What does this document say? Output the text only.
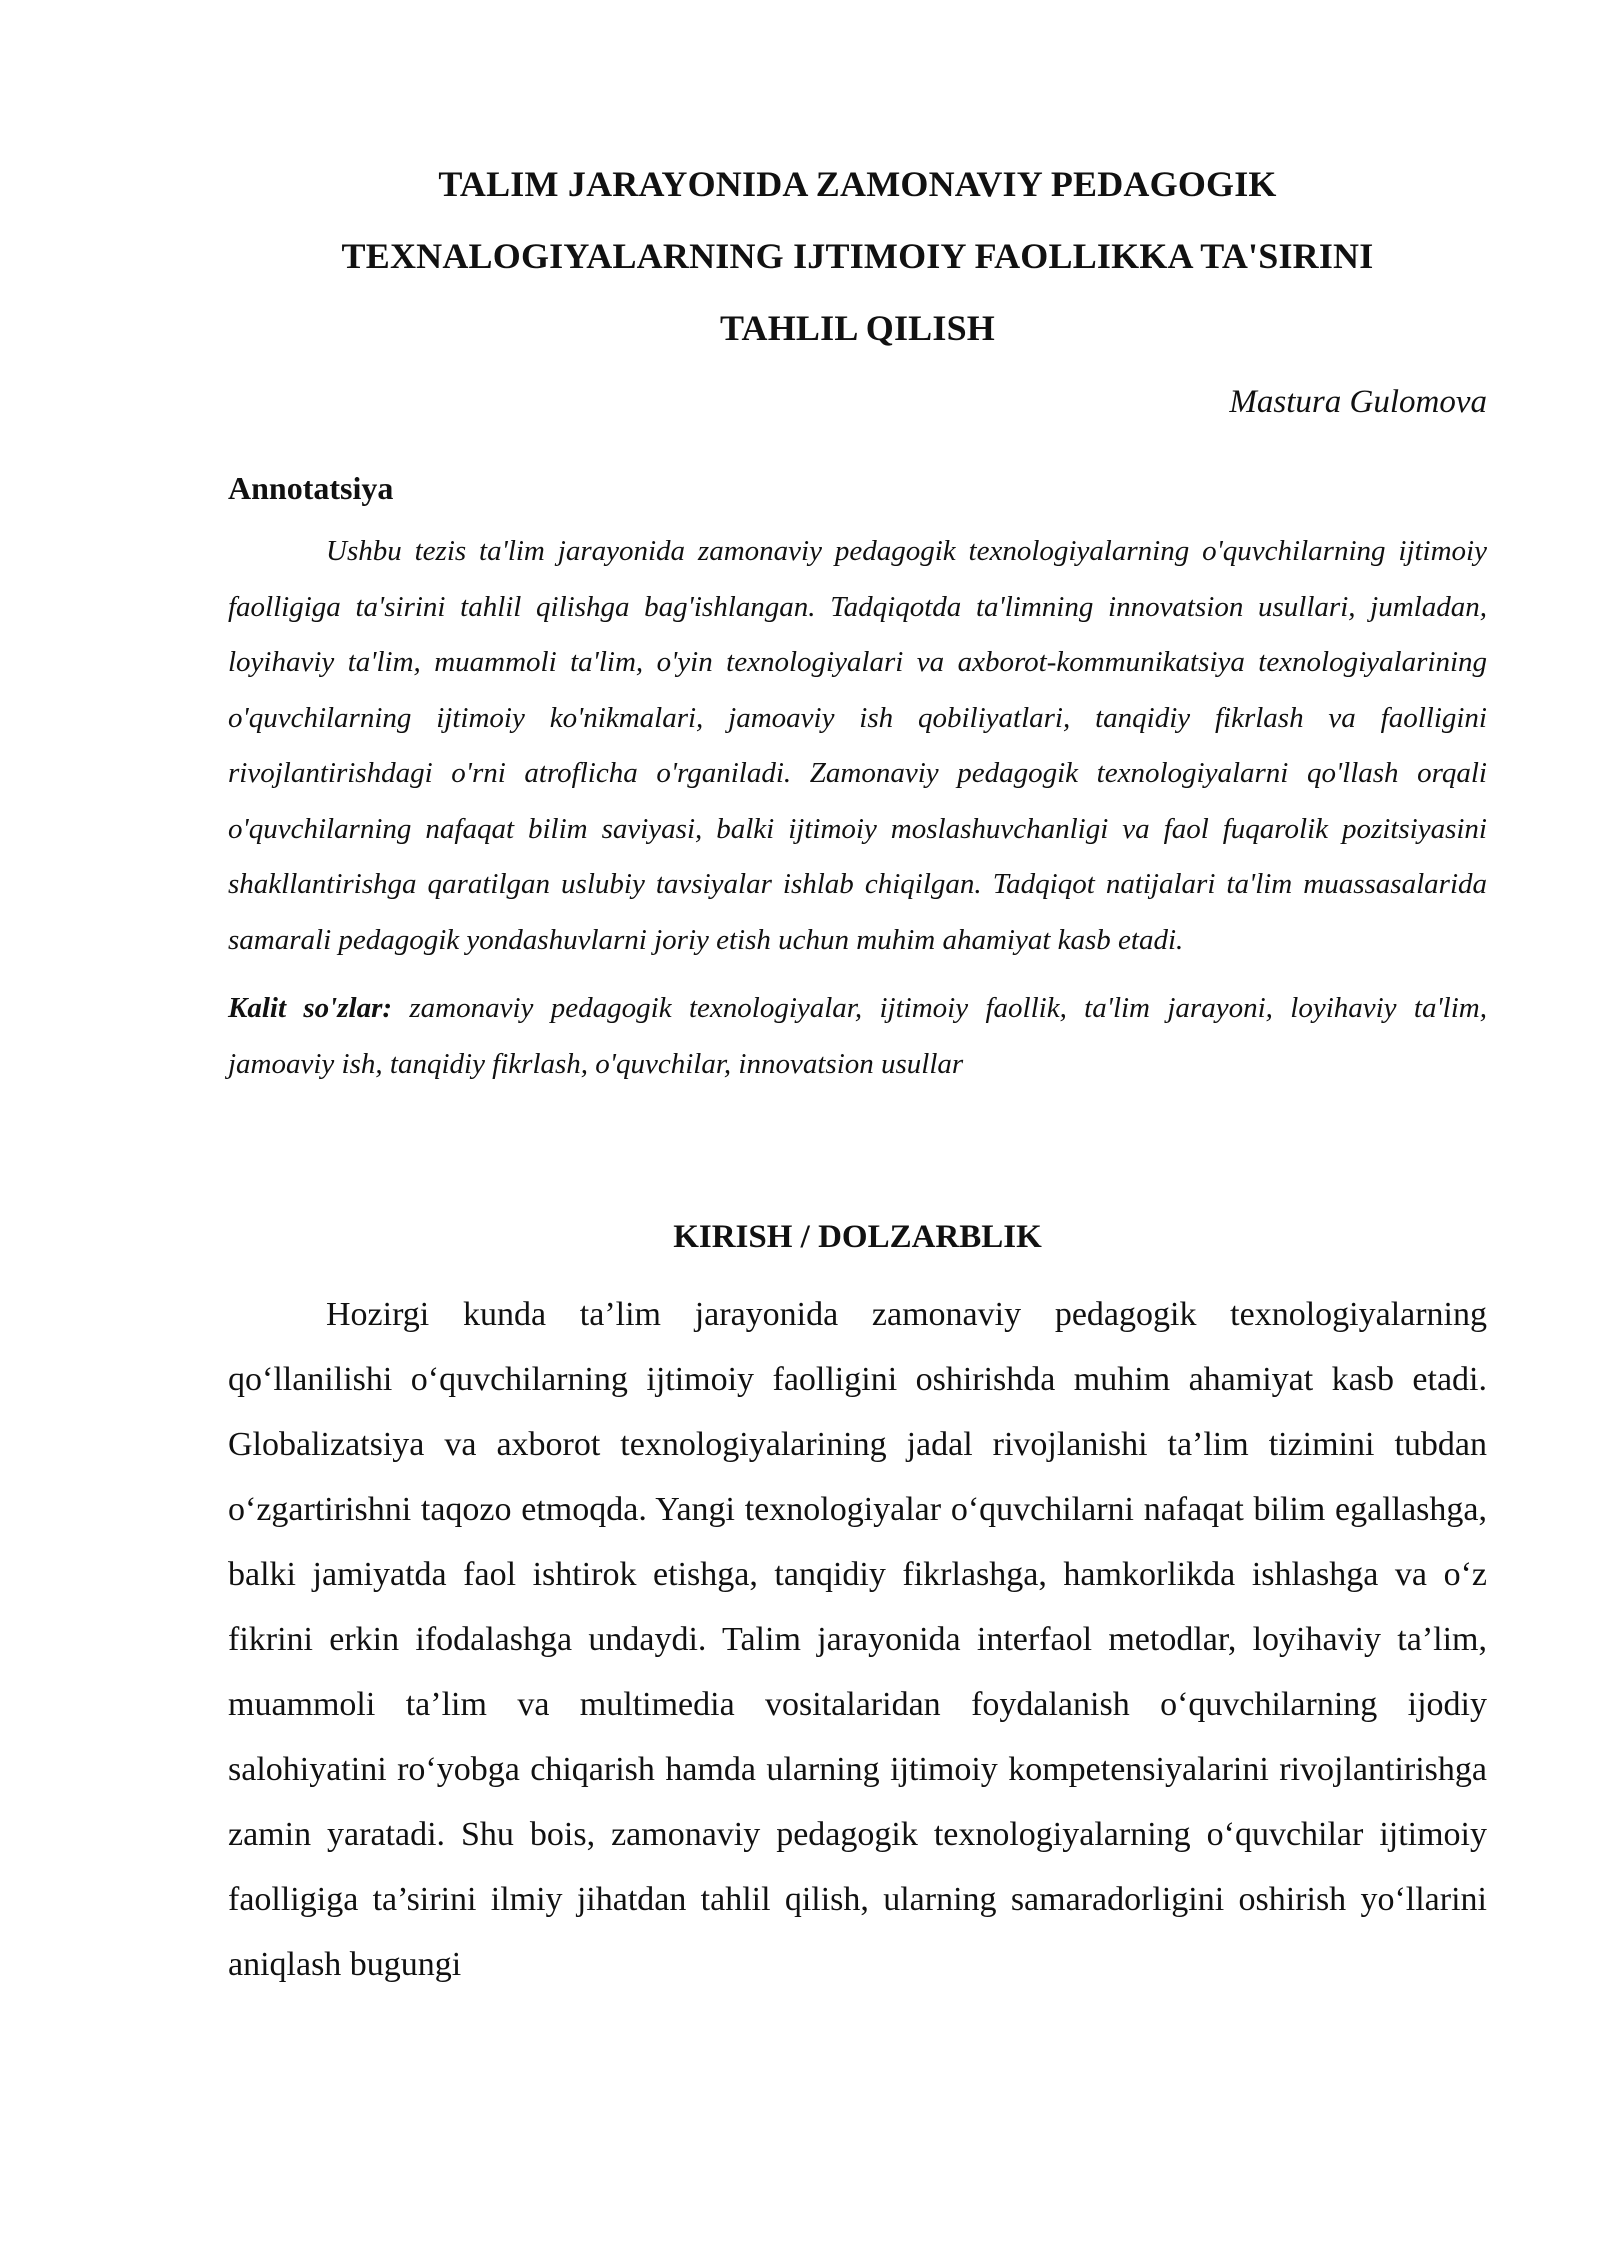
TALIM JARAYONIDA ZAMONAVIY PEDAGOGIK
TEXNALOGIYALARNING IJTIMOIY FAOLLIKKA TA'SIRINI
TAHLIL QILISH
Mastura Gulomova
Annotatsiya

Ushbu tezis ta'lim jarayonida zamonaviy pedagogik texnologiyalarning o'quvchilarning ijtimoiy faolligiga ta'sirini tahlil qilishga bag'ishlangan. Tadqiqotda ta'limning innovatsion usullari, jumladan, loyihaviy ta'lim, muammoli ta'lim, o'yin texnologiyalari va axborot-kommunikatsiya texnologiyalarining o'quvchilarning ijtimoiy ko'nikmalari, jamoaviy ish qobiliyatlari, tanqidiy fikrlash va faolligini rivojlantirishdagi o'rni atroflicha o'rganiladi. Zamonaviy pedagogik texnologiyalarni qo'llash orqali o'quvchilarning nafaqat bilim saviyasi, balki ijtimoiy moslashuvchanligi va faol fuqarolik pozitsiyasini shakllantirishga qaratilgan uslubiy tavsiyalar ishlab chiqilgan. Tadqiqot natijalari ta'lim muassasalarida samarali pedagogik yondashuvlarni joriy etish uchun muhim ahamiyat kasb etadi.

Kalit so'zlar: zamonaviy pedagogik texnologiyalar, ijtimoiy faollik, ta'lim jarayoni, loyihaviy ta'lim, jamoaviy ish, tanqidiy fikrlash, o'quvchilar, innovatsion usullar

KIRISH / DOLZARBLIK

Hozirgi kunda ta’lim jarayonida zamonaviy pedagogik texnologiyalarning qo‘llanilishi o‘quvchilarning ijtimoiy faolligini oshirishda muhim ahamiyat kasb etadi. Globalizatsiya va axborot texnologiyalarining jadal rivojlanishi ta’lim tizimini tubdan o‘zgartirishni taqozo etmoqda. Yangi texnologiyalar o‘quvchilarni nafaqat bilim egallashga, balki jamiyatda faol ishtirok etishga, tanqidiy fikrlashga, hamkorlikda ishlashga va o‘z fikrini erkin ifodalashga undaydi. Talim jarayonida interfaol metodlar, loyihaviy ta’lim, muammoli ta’lim va multimedia vositalaridan foydalanish o‘quvchilarning ijodiy salohiyatini ro‘yobga chiqarish hamda ularning ijtimoiy kompetensiyalarini rivojlantirishga zamin yaratadi. Shu bois, zamonaviy pedagogik texnologiyalarning o‘quvchilar ijtimoiy faolligiga ta’sirini ilmiy jihatdan tahlil qilish, ularning samaradorligini oshirish yo‘llarini aniqlash bugungi
